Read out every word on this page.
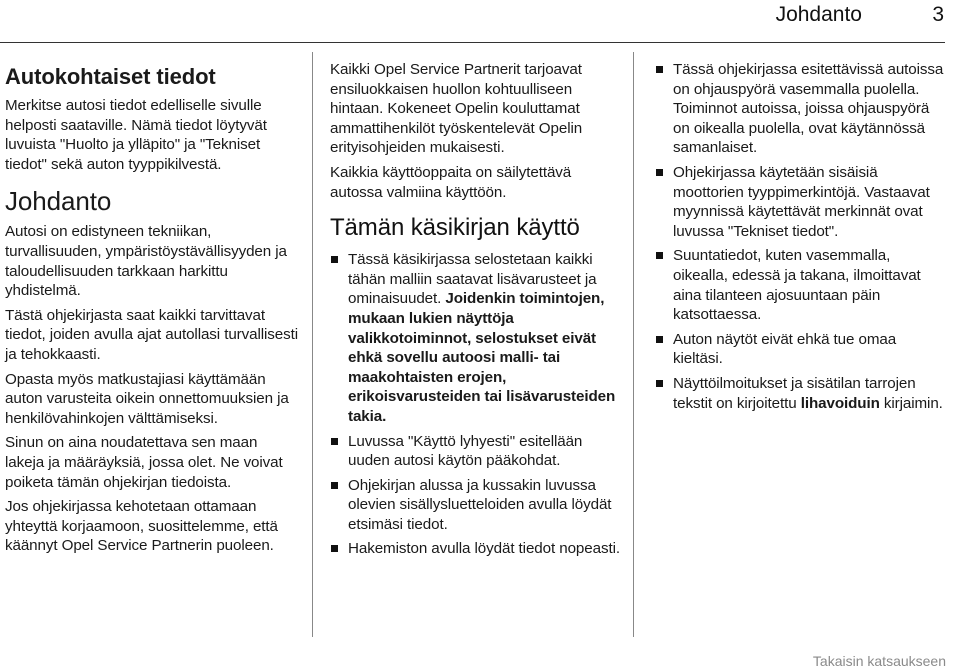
Johdanto	3
Autokohtaiset tiedot

Merkitse autosi tiedot edelliselle sivulle helposti saataville. Nämä tiedot löytyvät luvuista "Huolto ja ylläpito" ja "Tekniset tiedot" sekä auton tyyppikilvestä.

Johdanto

Autosi on edistyneen tekniikan, turvallisuuden, ympäristöystävällisyyden ja taloudellisuuden tarkkaan harkittu yhdistelmä.

Tästä ohjekirjasta saat kaikki tarvittavat tiedot, joiden avulla ajat autollasi turvallisesti ja tehokkaasti.

Opasta myös matkustajiasi käyttämään auton varusteita oikein onnettomuuksien ja henkilövahinkojen välttämiseksi.

Sinun on aina noudatettava sen maan lakeja ja määräyksiä, jossa olet. Ne voivat poiketa tämän ohjekirjan tiedoista.

Jos ohjekirjassa kehotetaan ottamaan yhteyttä korjaamoon, suosittelemme, että käännyt Opel Service Partnerin puoleen.

Kaikki Opel Service Partnerit tarjoavat ensiluokkaisen huollon kohtuulliseen hintaan. Kokeneet Opelin kouluttamat ammattihenkilöt työskentelevät Opelin erityisohjeiden mukaisesti.

Kaikkia käyttöoppaita on säilytettävä autossa valmiina käyttöön.

Tämän käsikirjan käyttö
Tässä käsikirjassa selostetaan kaikki tähän malliin saatavat lisävarusteet ja ominaisuudet. Joidenkin toimintojen, mukaan lukien näyttöja valikkotoiminnot, selostukset eivät ehkä sovellu autoosi malli- tai maakohtaisten erojen, erikoisvarusteiden tai lisävarusteiden takia.
Luvussa "Käyttö lyhyesti" esitellään uuden autosi käytön pääkohdat.
Ohjekirjan alussa ja kussakin luvussa olevien sisällysluetteloiden avulla löydät etsimäsi tiedot.
Hakemiston avulla löydät tiedot nopeasti.
Tässä ohjekirjassa esitettävissä autoissa on ohjauspyörä vasemmalla puolella. Toiminnot autoissa, joissa ohjauspyörä on oikealla puolella, ovat käytännössä samanlaiset.
Ohjekirjassa käytetään sisäisiä moottorien tyyppimerkintöjä. Vastaavat myynnissä käytettävät merkinnät ovat luvussa "Tekniset tiedot".
Suuntatiedot, kuten vasemmalla, oikealla, edessä ja takana, ilmoittavat aina tilanteen ajosuuntaan päin katsottaessa.
Auton näytöt eivät ehkä tue omaa kieltäsi.
Näyttöilmoitukset ja sisätilan tarrojen tekstit on kirjoitettu lihavoiduin kirjaimin.
Takaisin katsaukseen
